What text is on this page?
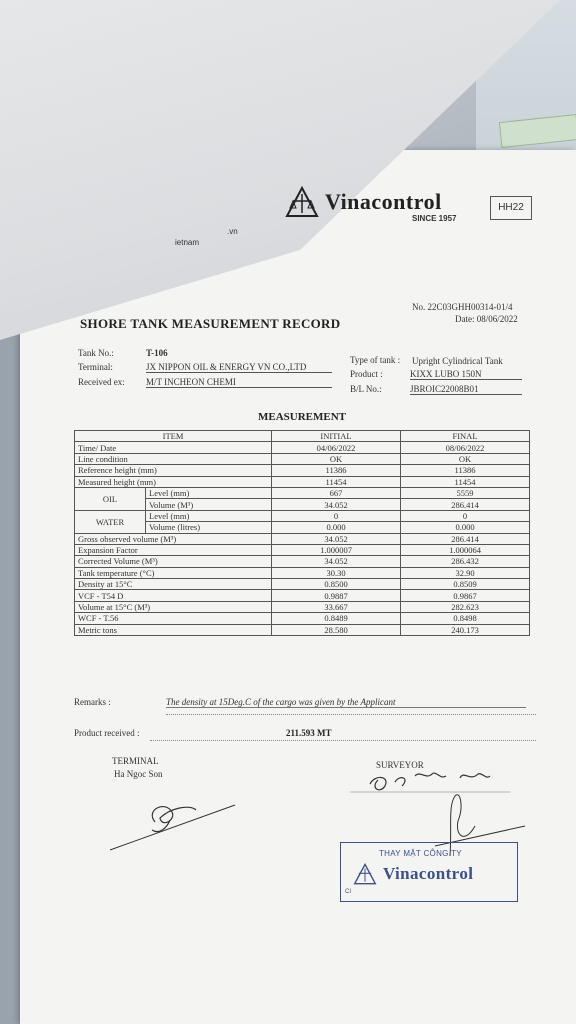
Vinacontrol
SINCE 1957
HH22
.vn
ietnam
No. 22C03GHH00314-01/4
Date: 08/06/2022
SHORE TANK MEASUREMENT RECORD
Tank No.:	T-106
Terminal:	JX NIPPON OIL & ENERGY VN CO.,LTD
Received ex: M/T INCHEON CHEMI
Type of tank : Upright Cylindrical Tank
Product :	KIXX LUBO 150N
B/L No.:	JBROIC22008B01
MEASUREMENT
ITEM		INITIAL	FINAL
Time/ Date		04/06/2022	08/06/2022
Line condition		OK	OK
Reference height (mm)		11386	11386
Measured height (mm)		11454	11454
OIL	Level (mm)	667	5559
	Volume (M³)	34.052	286.414
WATER	Level (mm)	0	0
	Volume (litres)	0.000	0.000
Gross observed volume (M³)		34.052	286.414
Expansion Factor		1.000007	1.000064
Corrected Volume (M³)		34.052	286.432
Tank temperature (°C)		30.30	32.90
Density at 15°C		0.8500	0.8509
VCF - T54 D		0.9887	0.9867
Volume at 15°C (M³)		33.667	282.623
WCF - T.56		0.8489	0.8498
Metric tons		28.580	240.173
Remarks :	The density at 15Deg.C of the cargo was given by the Applicant
Product received :	211.593 MT
TERMINAL
Ha Ngoc Son
SURVEYOR
THAY MẶT CÔNG TY
Vinacontrol
CI
